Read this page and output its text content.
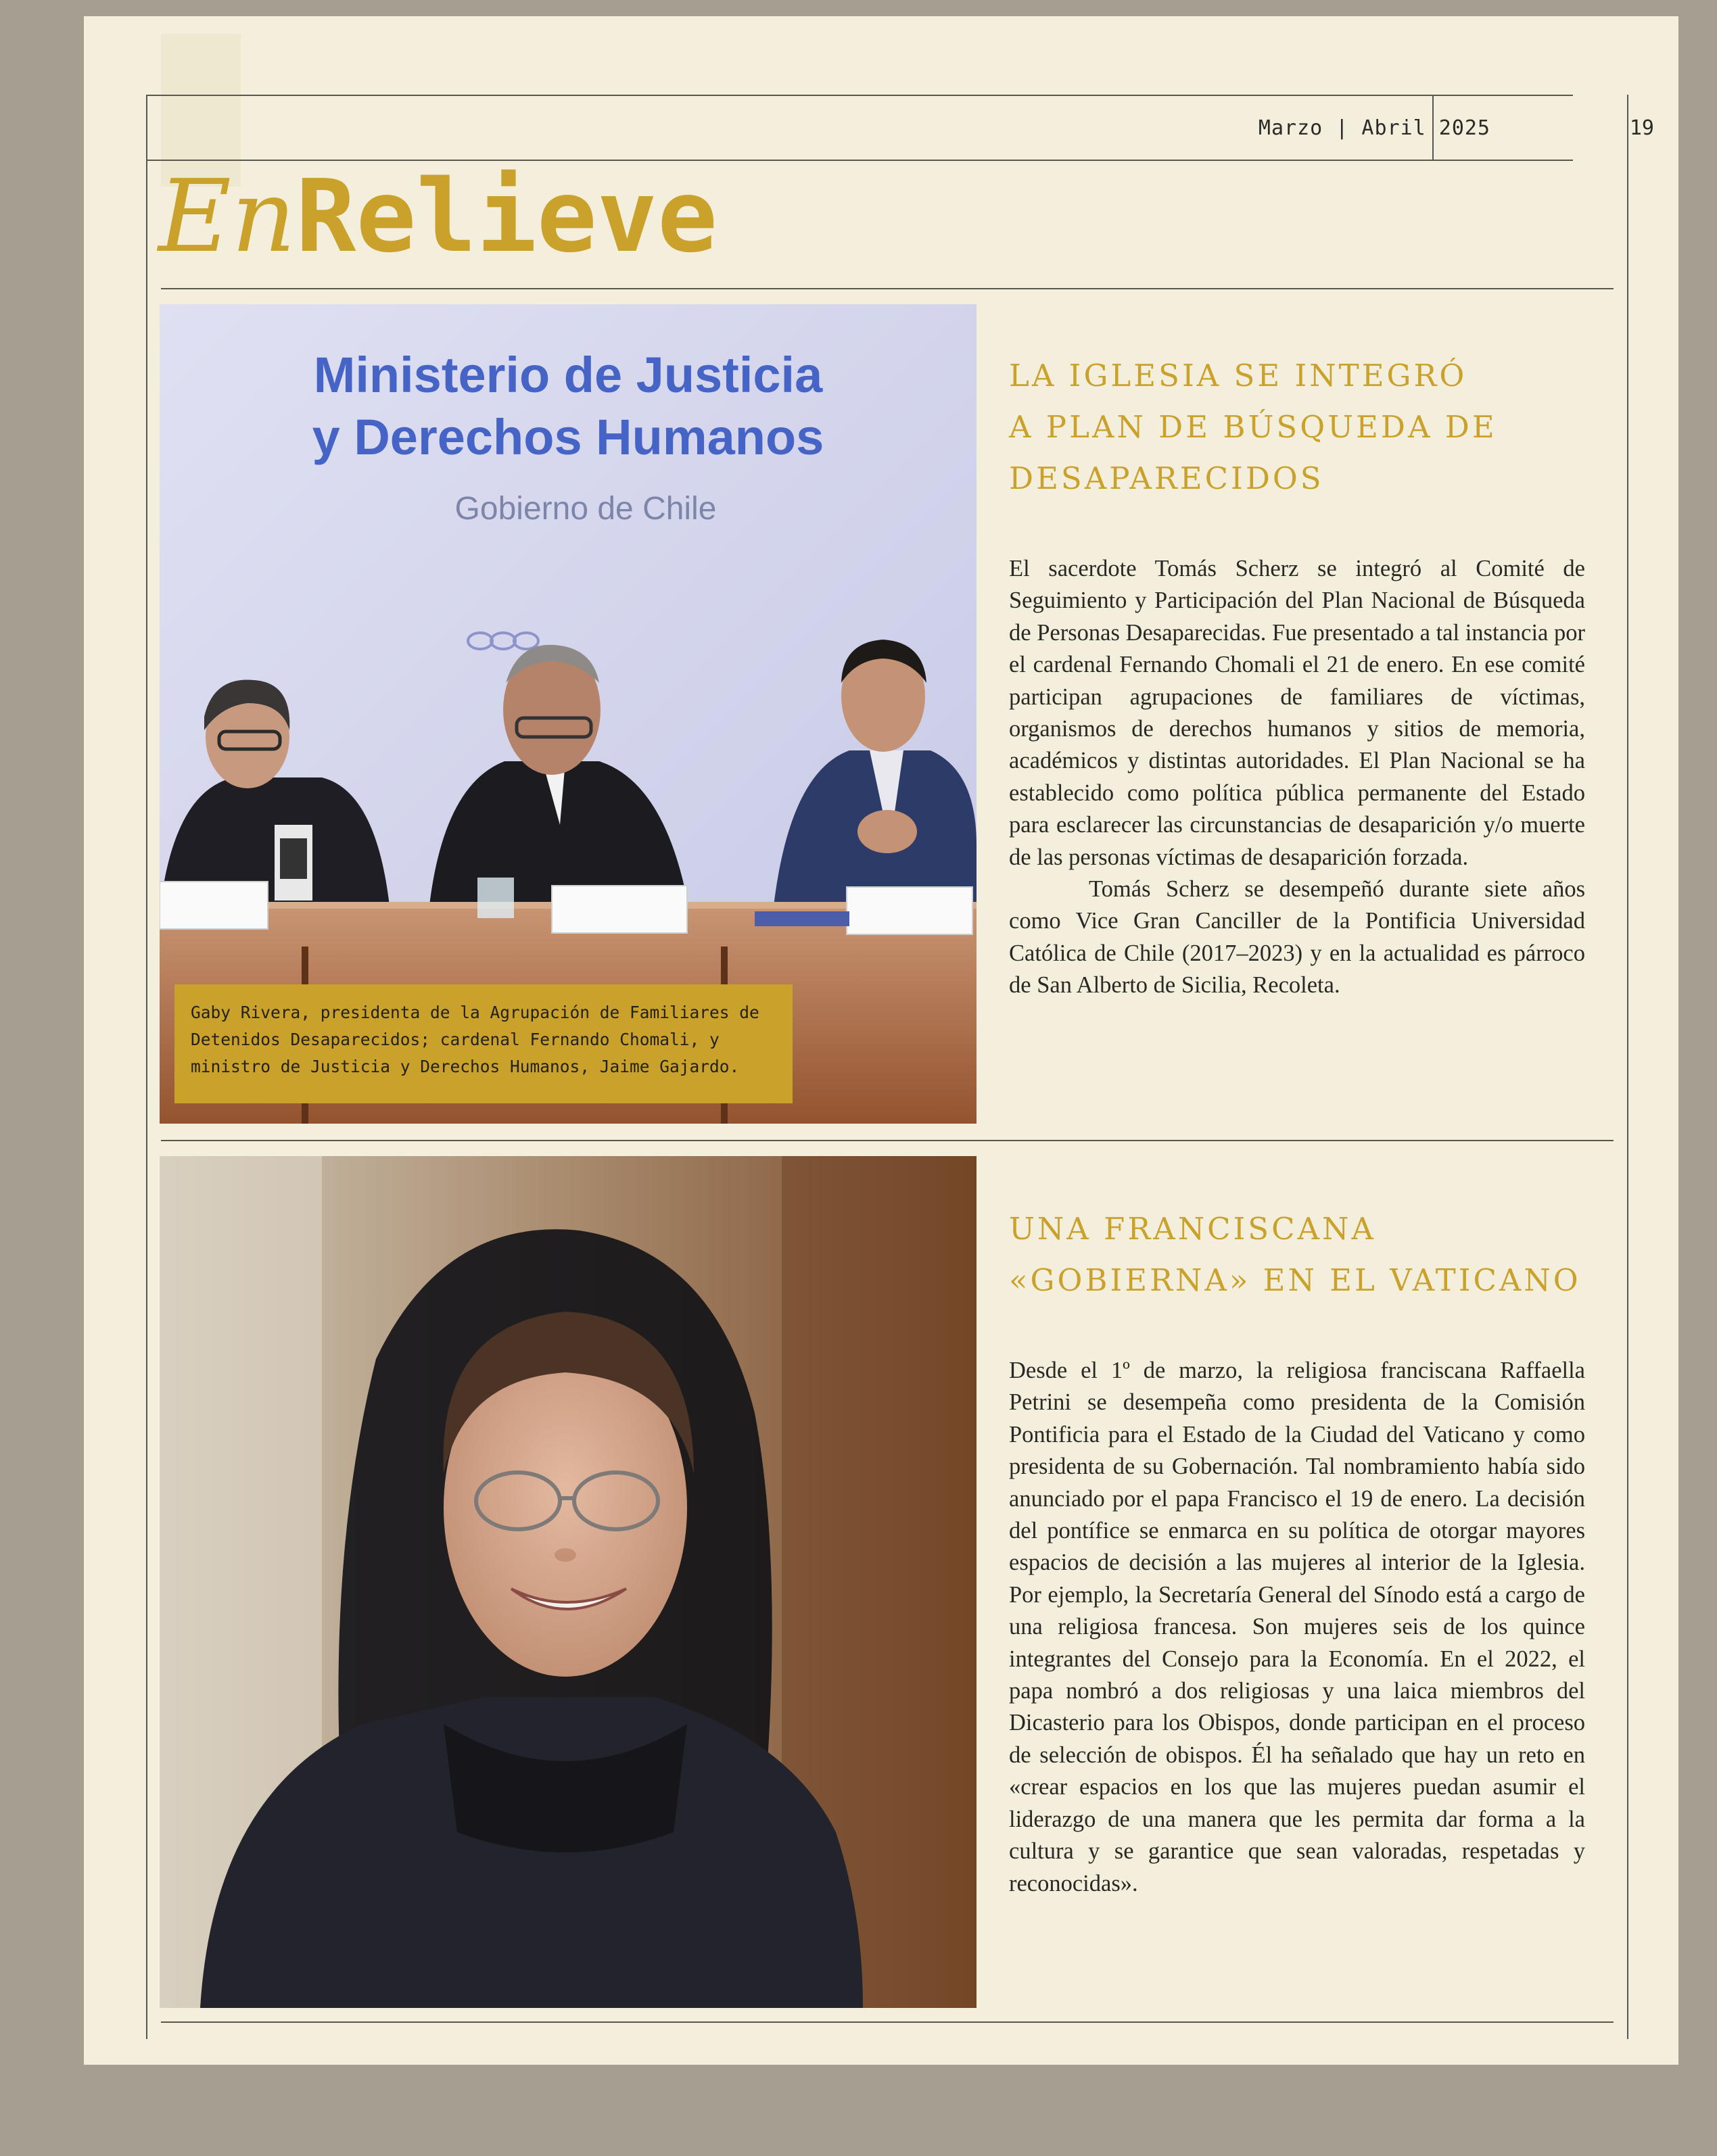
Marzo | Abril 2025	19
EnRelieve
Ministerio de Justicia
y Derechos Humanos
Gobierno de Chile
Gaby Rivera, presidenta de la Agrupación de Familiares de Detenidos Desaparecidos; cardenal Fernando Chomali, y ministro de Justicia y Derechos Humanos, Jaime Gajardo.
LA IGLESIA SE INTEGRÓ
A PLAN DE BÚSQUEDA DE
DESAPARECIDOS

El sacerdote Tomás Scherz se integró al Comité de Seguimiento y Participación del Plan Nacional de Búsqueda de Personas Desaparecidas. Fue presentado a tal instancia por el cardenal Fernando Chomali el 21 de enero. En ese comité participan agrupaciones de familiares de víctimas, organismos de derechos humanos y sitios de memoria, académicos y distintas autoridades. El Plan Nacional se ha establecido como política pública permanente del Estado para esclarecer las circunstancias de desaparición y/o muerte de las personas víctimas de desaparición forzada.

Tomás Scherz se desempeñó durante siete años como Vice Gran Canciller de la Pontificia Universidad Católica de Chile (2017–2023) y en la actualidad es párroco de San Alberto de Sicilia, Recoleta.

UNA FRANCISCANA
«GOBIERNA» EN EL VATICANO

Desde el 1º de marzo, la religiosa franciscana Raffaella Petrini se desempeña como presidenta de la Comisión Pontificia para el Estado de la Ciudad del Vaticano y como presidenta de su Gobernación. Tal nombramiento había sido anunciado por el papa Francisco el 19 de enero. La decisión del pontífice se enmarca en su política de otorgar mayores espacios de decisión a las mujeres al interior de la Iglesia. Por ejemplo, la Secretaría General del Sínodo está a cargo de una religiosa francesa. Son mujeres seis de los quince integrantes del Consejo para la Economía. En el 2022, el papa nombró a dos religiosas y una laica miembros del Dicasterio para los Obispos, donde participan en el proceso de selección de obispos. Él ha señalado que hay un reto en «crear espacios en los que las mujeres puedan asumir el liderazgo de una manera que les permita dar forma a la cultura y se garantice que sean valoradas, respetadas y reconocidas».
